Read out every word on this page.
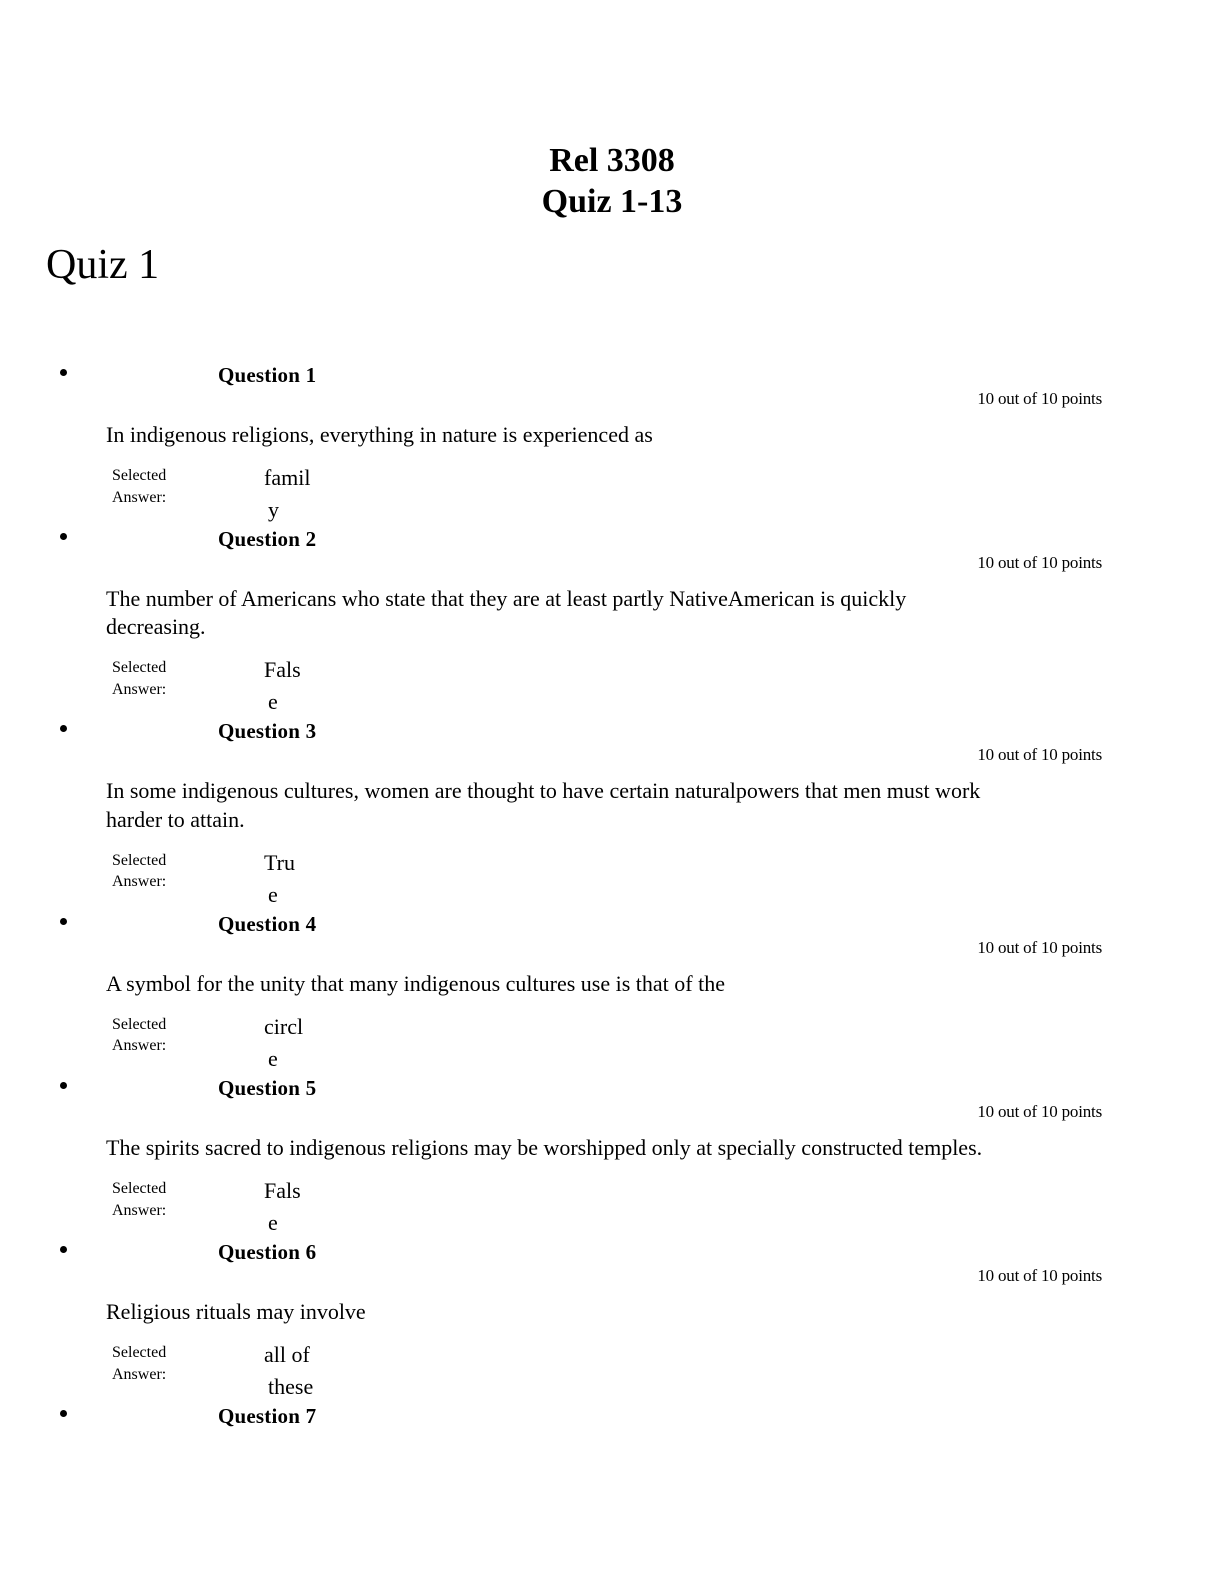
Rel 3308
Quiz 1-13
Quiz 1
Question 1
10 out of 10 points
In indigenous religions, everything in nature is experienced as
Selected
Answer:
famil
y
Question 2
10 out of 10 points
The number of Americans who state that they are at least partly NativeAmerican is quickly decreasing.
Selected
Answer:
Fals
e
Question 3
10 out of 10 points
In some indigenous cultures, women are thought to have certain naturalpowers that men must work harder to attain.
Selected
Answer:
Tru
e
Question 4
10 out of 10 points
A symbol for the unity that many indigenous cultures use is that of the
Selected
Answer:
circl
e
Question 5
10 out of 10 points
The spirits sacred to indigenous religions may be worshipped only at specially constructed temples.
Selected
Answer:
Fals
e
Question 6
10 out of 10 points
Religious rituals may involve
Selected
Answer:
all of
these
Question 7
